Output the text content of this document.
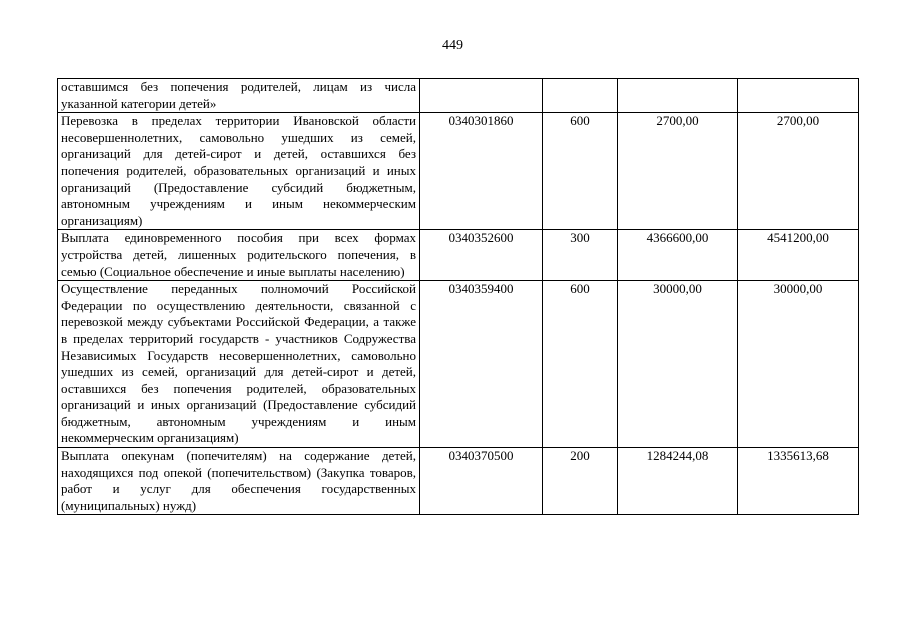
449
оставшимся без попечения родителей, лицам из числа указанной категории детей»				
Перевозка в пределах территории Ивановской области несовершеннолетних, самовольно ушедших из семей, организаций для детей-сирот и детей, оставшихся без попечения родителей, образовательных организаций и иных организаций (Предоставление субсидий бюджетным, автономным учреждениям и иным некоммерческим организациям)	0340301860	600	2700,00	2700,00
Выплата единовременного пособия при всех формах устройства детей, лишенных родительского попечения, в семью (Социальное обеспечение и иные выплаты населению)	0340352600	300	4366600,00	4541200,00
Осуществление переданных полномочий Российской Федерации по осуществлению деятельности, связанной с перевозкой между субъектами Российской Федерации, а также в пределах территорий государств - участников Содружества Независимых Государств несовершеннолетних, самовольно ушедших из семей, организаций для детей-сирот и детей, оставшихся без попечения родителей, образовательных организаций и иных организаций (Предоставление субсидий бюджетным, автономным учреждениям и иным некоммерческим организациям)	0340359400	600	30000,00	30000,00
Выплата опекунам (попечителям) на содержание детей, находящихся под опекой (попечительством) (Закупка товаров, работ и услуг для обеспечения государственных (муниципальных) нужд)	0340370500	200	1284244,08	1335613,68
